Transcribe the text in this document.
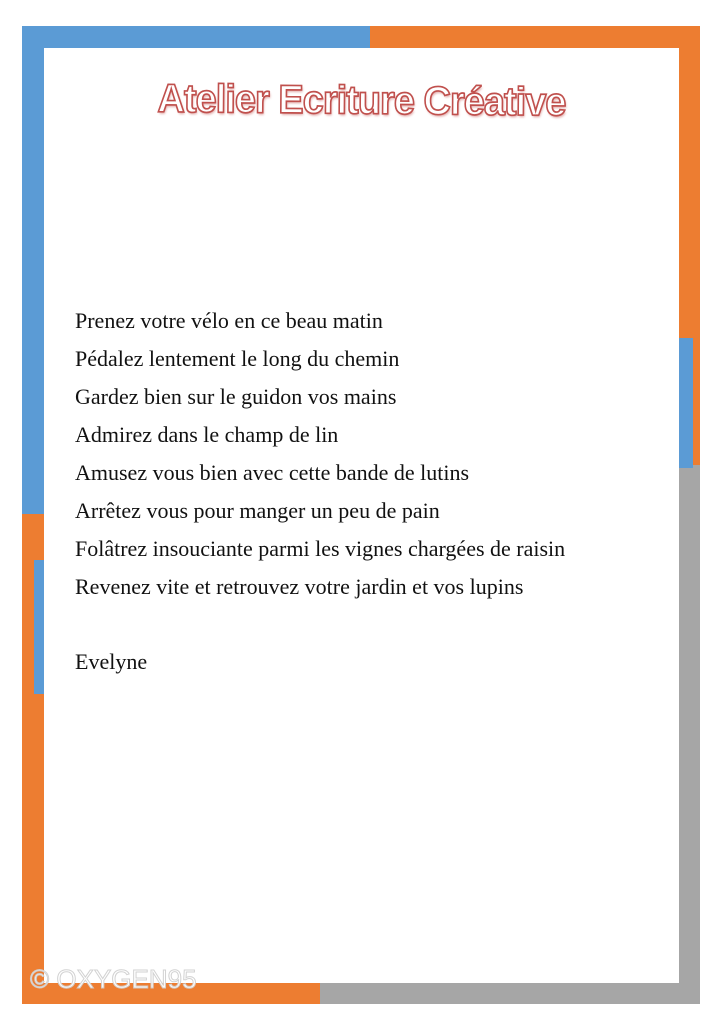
Atelier Ecriture Créative
Prenez votre vélo en ce beau matin
Pédalez lentement le long du chemin
Gardez bien sur le guidon vos mains
Admirez dans le champ de lin
Amusez vous bien avec cette bande de lutins
Arrêtez vous pour manger un peu de pain
Folâtrez insouciante parmi les vignes chargées de raisin
Revenez vite et retrouvez votre jardin et vos lupins
Evelyne
© OXYGEN95
